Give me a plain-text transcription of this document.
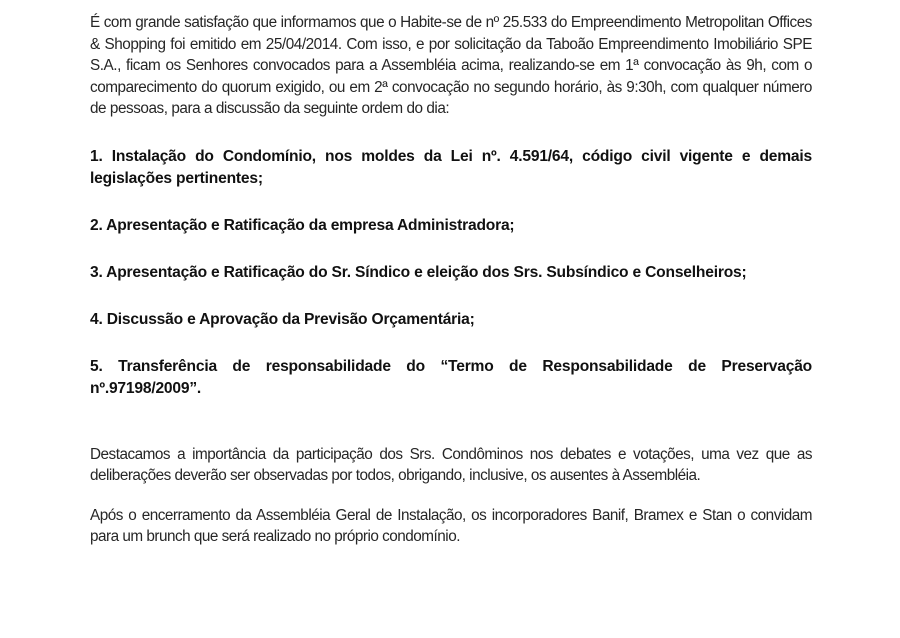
É com grande satisfação que informamos que o Habite-se de nº 25.533 do Empreendimento Metropolitan Offices & Shopping foi emitido em 25/04/2014. Com isso, e por solicitação da Taboão Empreendimento Imobiliário SPE S.A., ficam os Senhores convocados para a Assembléia acima, realizando-se em 1ª convocação às 9h, com o comparecimento do quorum exigido, ou em 2ª convocação no segundo horário, às 9:30h, com qualquer número de pessoas, para a discussão da seguinte ordem do dia:

1. Instalação do Condomínio, nos moldes da Lei nº. 4.591/64, código civil vigente e demais legislações pertinentes;

2. Apresentação e Ratificação da empresa Administradora;

3. Apresentação e Ratificação do Sr. Síndico e eleição dos Srs. Subsíndico e Conselheiros;

4. Discussão e Aprovação da Previsão Orçamentária;

5. Transferência de responsabilidade do “Termo de Responsabilidade de Preservação nº.97198/2009”.

Destacamos a importância da participação dos Srs. Condôminos nos debates e votações, uma vez que as deliberações deverão ser observadas por todos, obrigando, inclusive, os ausentes à Assembléia.

Após o encerramento da Assembléia Geral de Instalação, os incorporadores Banif, Bramex e Stan o convidam para um brunch que será realizado no próprio condomínio.
